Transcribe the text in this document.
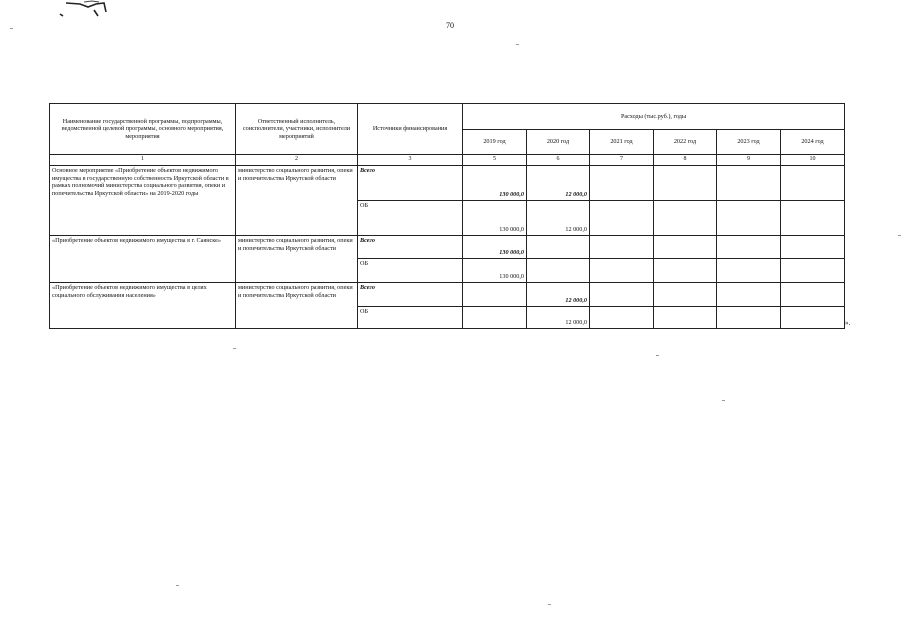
70
Наименование государственной программы, подпрограммы, ведомственной целевой программы, основного мероприятия, мероприятия	Ответственный исполнитель, соисполнители, участники, исполнители мероприятий	Источники финансирования	Расходы (тыс.руб.), годы					
			2019 год	2020 год	2021 год	2022 год	2023 год	2024 год
1	2	3	5	6	7	8	9	10
Основное мероприятие «Приобретение объектов недвижимого имущества в государственную собственность Иркутской области в рамках полномочий министерства социального развития, опеки и попечительства Иркутской области» на 2019-2020 годы	министерство социального развития, опеки и попечительства Иркутской области	Всего	130 000,0	12 000,0				
		ОБ	130 000,0	12 000,0				
«Приобретение объектов недвижимого имущества в г. Саянске»	министерство социального развития, опеки и попечительства Иркутской области	Всего	130 000,0					
		ОБ	130 000,0					
«Приобретение объектов недвижимого имущества в целях социального обслуживания населения»	министерство социального развития, опеки и попечительства Иркутской области	Всего		12 000,0				
		ОБ		12 000,0					».
